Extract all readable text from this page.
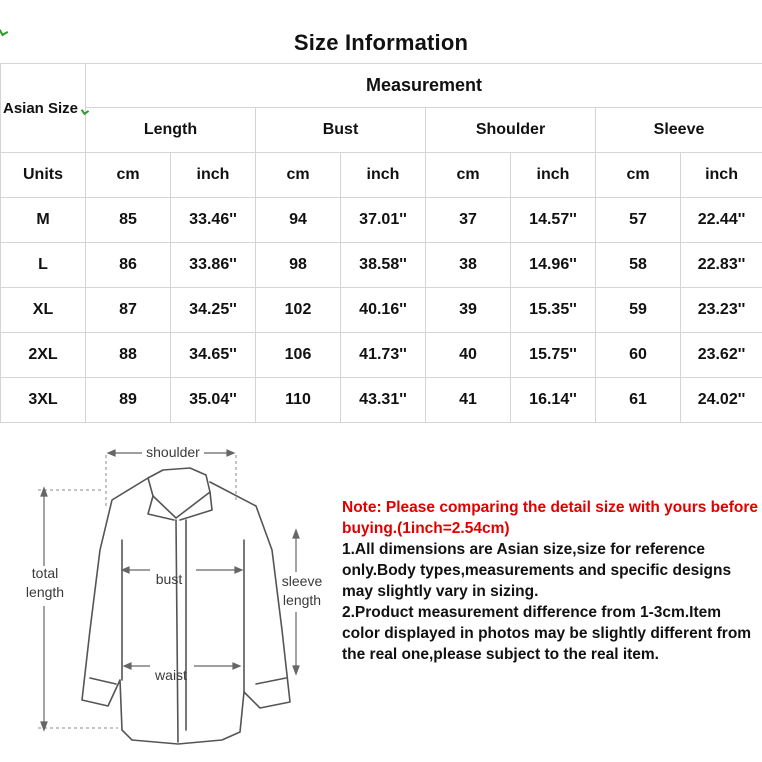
Size Information
Asian Size	Measurement							
	Length		Bust		Shoulder		Sleeve	
Units	cm	inch	cm	inch	cm	inch	cm	inch
M	85	33.46''	94	37.01''	37	14.57''	57	22.44''
L	86	33.86''	98	38.58''	38	14.96''	58	22.83''
XL	87	34.25''	102	40.16''	39	15.35''	59	23.23''
2XL	88	34.65''	106	41.73''	40	15.75''	60	23.62''
3XL	89	35.04''	110	43.31''	41	16.14''	61	24.02''
shoulder
total
length
bust	sleeve
length
waist

Note: Please comparing the detail size with yours before buying.(1inch=2.54cm)

1.All dimensions are Asian size,size for reference only.Body types,measurements and specific designs may slightly vary in sizing.

2.Product measurement difference from 1-3cm.Item color displayed in photos may be slightly different from the real one,please subject to the real item.
